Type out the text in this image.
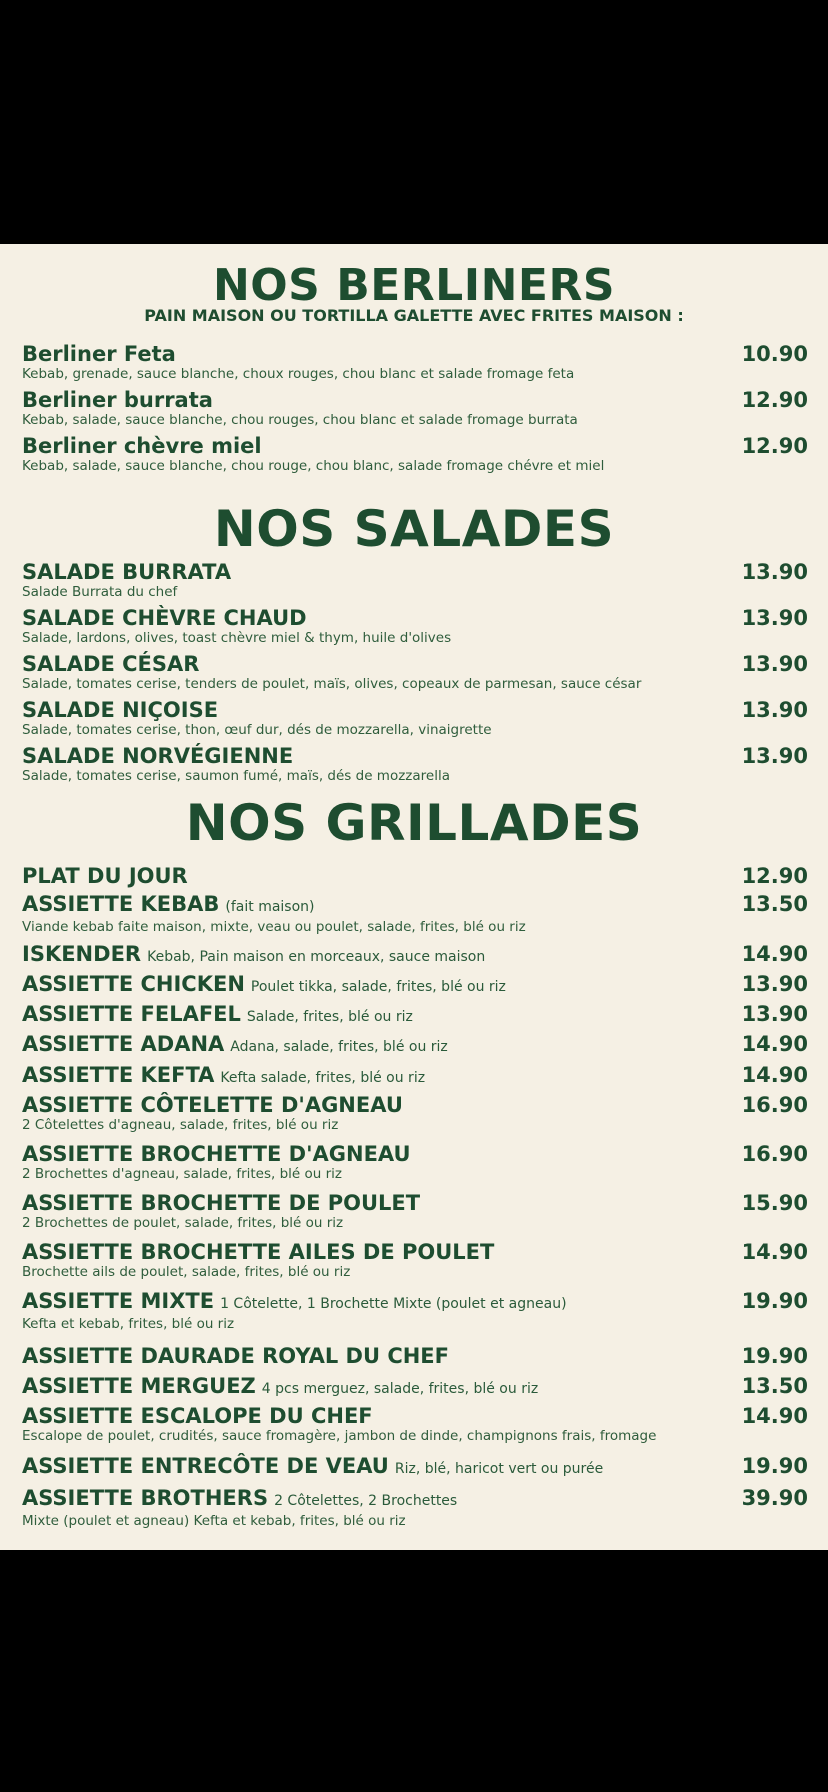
NOS BERLINERS

PAIN MAISON OU TORTILLA GALETTE AVEC FRITES MAISON :

Berliner Feta
Kebab, grenade, sauce blanche, choux rouges, chou blanc et salade fromage feta
10.90
Berliner burrata
Kebab, salade, sauce blanche, chou rouges, chou blanc et salade fromage burrata
12.90
Berliner chèvre miel
Kebab, salade, sauce blanche, chou rouge, chou blanc, salade fromage chévre et miel
12.90
NOS SALADES
SALADE BURRATA
Salade Burrata du chef
13.90
SALADE CHÈVRE CHAUD
Salade, lardons, olives, toast chèvre miel & thym, huile d'olives
13.90
SALADE CÉSAR
Salade, tomates cerise, tenders de poulet, maïs, olives, copeaux de parmesan, sauce césar
13.90
SALADE NIÇOISE
Salade, tomates cerise, thon, œuf dur, dés de mozzarella, vinaigrette
13.90
SALADE NORVÉGIENNE
Salade, tomates cerise, saumon fumé, maïs, dés de mozzarella
13.90
NOS GRILLADES
PLAT DU JOUR	12.90
ASSIETTE KEBAB (fait maison)
Viande kebab faite maison, mixte, veau ou poulet, salade, frites, blé ou riz
13.50
ISKENDER Kebab, Pain maison en morceaux, sauce maison	14.90
ASSIETTE CHICKEN Poulet tikka, salade, frites, blé ou riz	13.90
ASSIETTE FELAFEL Salade, frites, blé ou riz	13.90
ASSIETTE ADANA Adana, salade, frites, blé ou riz	14.90
ASSIETTE KEFTA Kefta salade, frites, blé ou riz	14.90
ASSIETTE CÔTELETTE D'AGNEAU
2 Côtelettes d'agneau, salade, frites, blé ou riz
16.90
ASSIETTE BROCHETTE D'AGNEAU
2 Brochettes d'agneau, salade, frites, blé ou riz
16.90
ASSIETTE BROCHETTE DE POULET
2 Brochettes de poulet, salade, frites, blé ou riz
15.90
ASSIETTE BROCHETTE AILES DE POULET
Brochette ails de poulet, salade, frites, blé ou riz
14.90
ASSIETTE MIXTE 1 Côtelette, 1 Brochette Mixte (poulet et agneau)
Kefta et kebab, frites, blé ou riz
19.90
ASSIETTE DAURADE ROYAL DU CHEF	19.90
ASSIETTE MERGUEZ 4 pcs merguez, salade, frites, blé ou riz	13.50
ASSIETTE ESCALOPE DU CHEF
Escalope de poulet, crudités, sauce fromagère, jambon de dinde, champignons frais, fromage
14.90
ASSIETTE ENTRECÔTE DE VEAU Riz, blé, haricot vert ou purée	19.90
ASSIETTE BROTHERS 2 Côtelettes, 2 Brochettes
Mixte (poulet et agneau) Kefta et kebab, frites, blé ou riz
39.90
